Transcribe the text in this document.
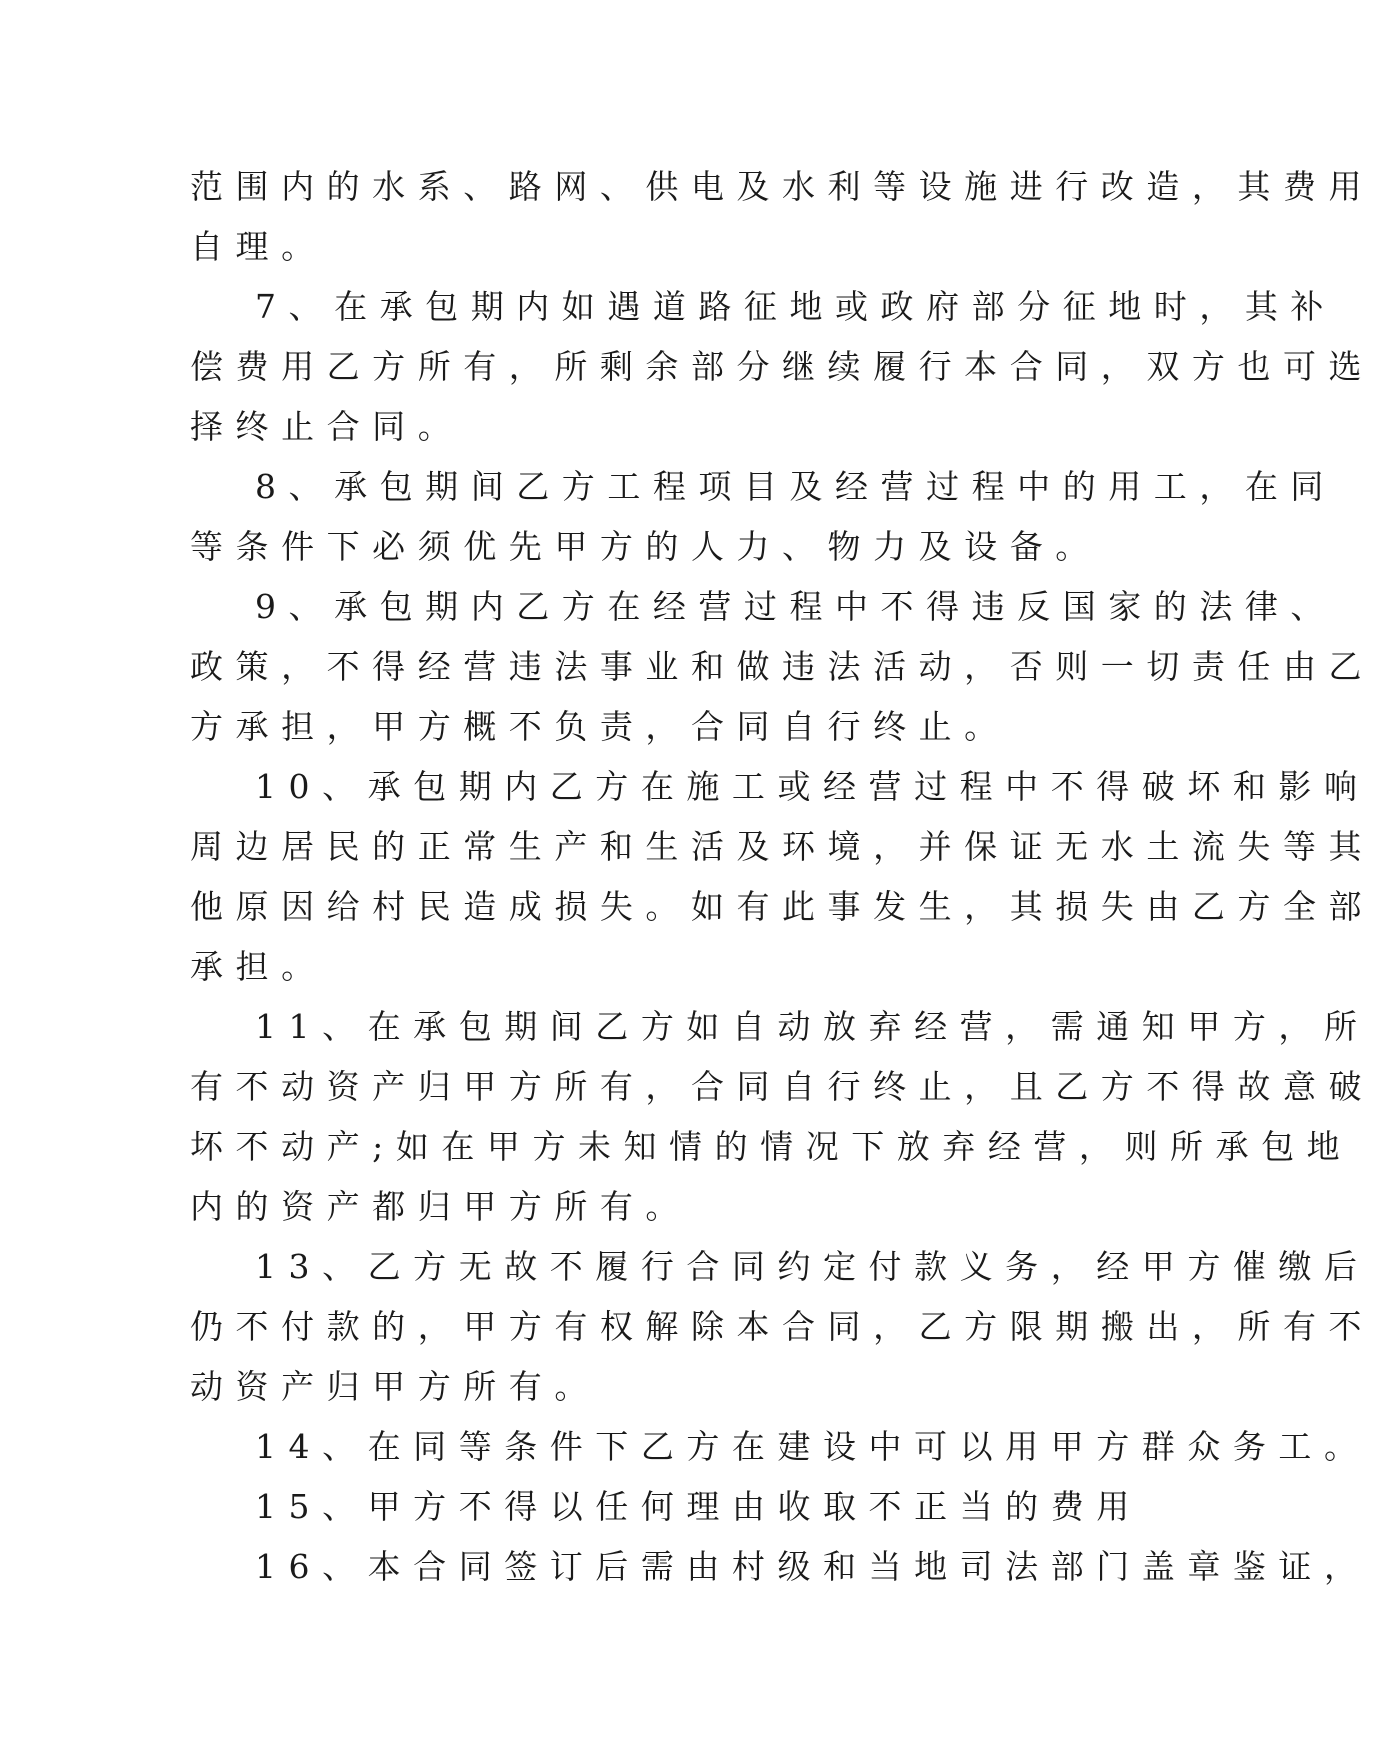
范围内的水系、路网、供电及水利等设施进行改造，其费用
自理。
7、在承包期内如遇道路征地或政府部分征地时，其补
偿费用乙方所有，所剩余部分继续履行本合同，双方也可选
择终止合同。
8、承包期间乙方工程项目及经营过程中的用工，在同
等条件下必须优先甲方的人力、物力及设备。
9、承包期内乙方在经营过程中不得违反国家的法律、
政策，不得经营违法事业和做违法活动，否则一切责任由乙
方承担，甲方概不负责，合同自行终止。
10、承包期内乙方在施工或经营过程中不得破坏和影响
周边居民的正常生产和生活及环境，并保证无水土流失等其
他原因给村民造成损失。如有此事发生，其损失由乙方全部
承担。
11、在承包期间乙方如自动放弃经营，需通知甲方，所
有不动资产归甲方所有，合同自行终止，且乙方不得故意破
坏不动产;如在甲方未知情的情况下放弃经营，则所承包地
内的资产都归甲方所有。
13、乙方无故不履行合同约定付款义务，经甲方催缴后
仍不付款的，甲方有权解除本合同，乙方限期搬出，所有不
动资产归甲方所有。
14、在同等条件下乙方在建设中可以用甲方群众务工。
15、甲方不得以任何理由收取不正当的费用
16、本合同签订后需由村级和当地司法部门盖章鉴证，
